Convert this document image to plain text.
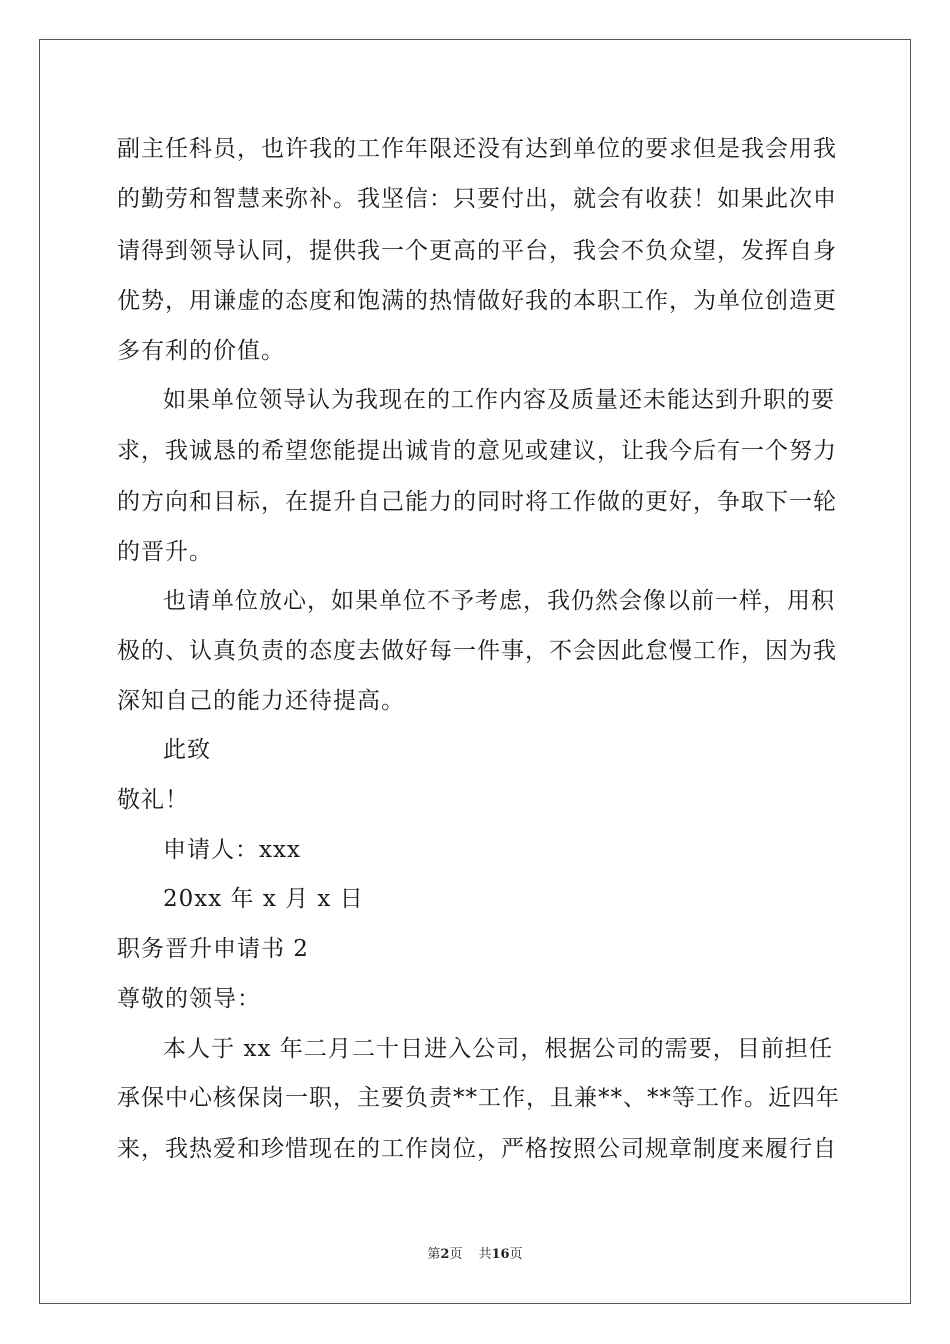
副主任科员，也许我的工作年限还没有达到单位的要求但是我会用我
的勤劳和智慧来弥补。我坚信：只要付出，就会有收获！如果此次申
请得到领导认同，提供我一个更高的平台，我会不负众望，发挥自身
优势，用谦虚的态度和饱满的热情做好我的本职工作，为单位创造更
多有利的价值。
如果单位领导认为我现在的工作内容及质量还未能达到升职的要
求，我诚恳的希望您能提出诚肯的意见或建议，让我今后有一个努力
的方向和目标，在提升自己能力的同时将工作做的更好，争取下一轮
的晋升。
也请单位放心，如果单位不予考虑，我仍然会像以前一样，用积
极的、认真负责的态度去做好每一件事，不会因此怠慢工作，因为我
深知自己的能力还待提高。
此致
敬礼！
申请人：xxx
20xx 年 x 月 x 日
职务晋升申请书 2
尊敬的领导：
本人于 xx 年二月二十日进入公司，根据公司的需要，目前担任
承保中心核保岗一职，主要负责**工作，且兼**、**等工作。近四年
来，我热爱和珍惜现在的工作岗位，严格按照公司规章制度来履行自
第2页 共16页
